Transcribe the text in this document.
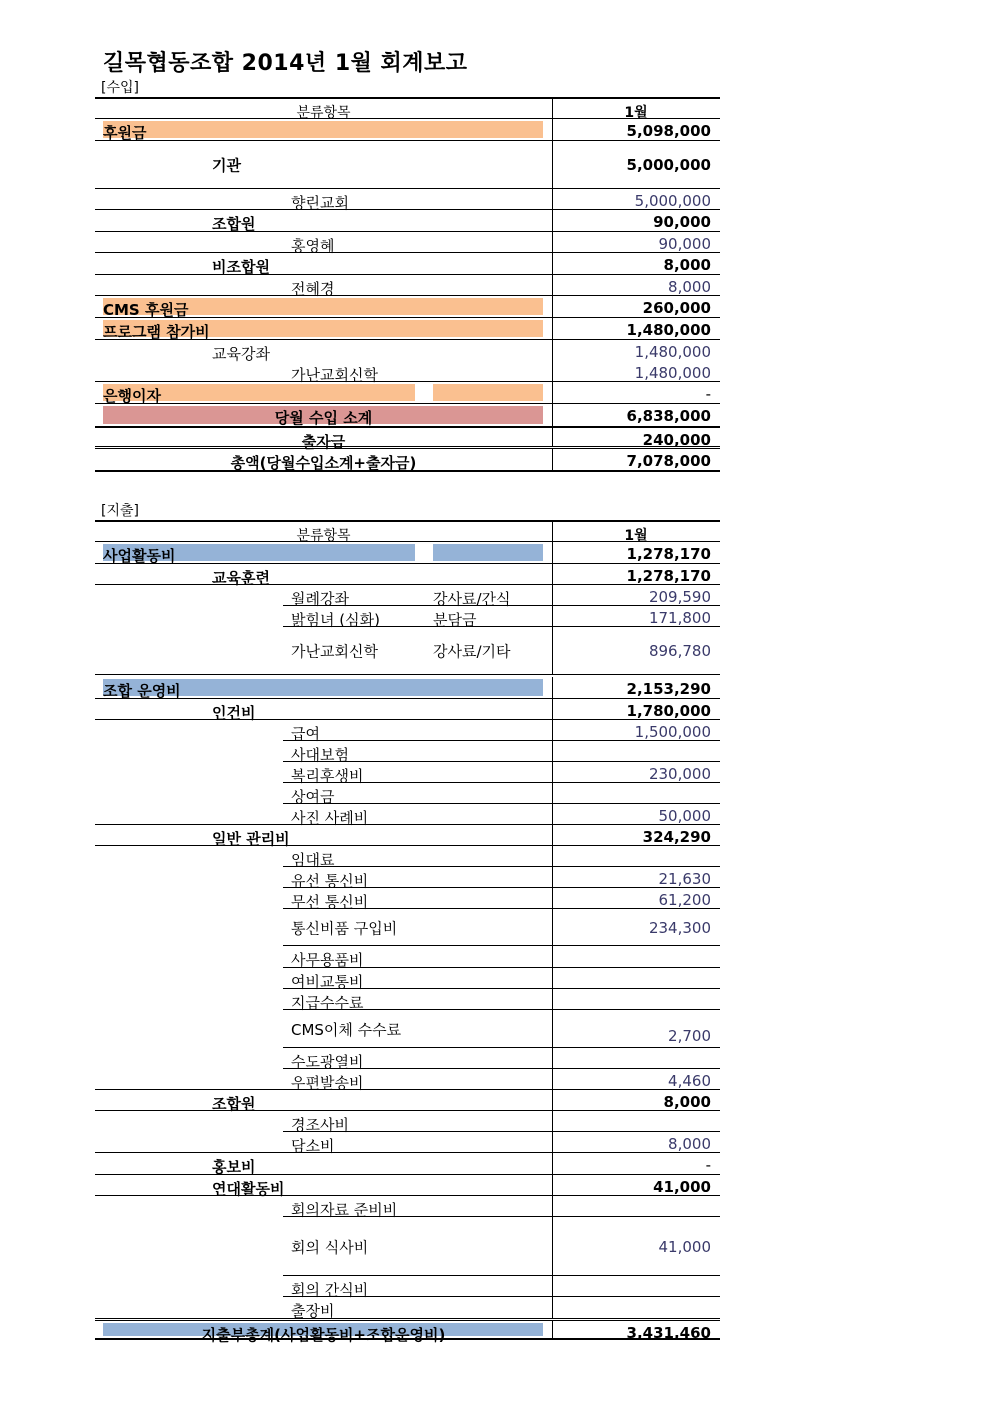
길목협동조합 2014년 1월 회계보고
[수입]
분류항목	1월
후원금	5,098,000
기관	5,000,000
향린교회	5,000,000
조합원	90,000
홍영혜	90,000
비조합원	8,000
전혜경	8,000
CMS 후원금	260,000
프로그램 참가비	1,480,000
교육강좌	1,480,000
가난교회신학	1,480,000
은행이자	-
당월 수입 소계	6,838,000
출자금	240,000
총액(당월수입소계+출자금)	7,078,000
[지출]
분류항목	1월
사업활동비	1,278,170
교육훈련	1,278,170
월례강좌	강사료/간식	209,590
밝힘녀 (심화)	분담금	171,800
가난교회신학	강사료/기타	896,780
조합 운영비	2,153,290
인건비	1,780,000
급여	1,500,000
사대보험
복리후생비	230,000
상여금
사진 사례비	50,000
일반 관리비	324,290
임대료
유선 통신비	21,630
무선 통신비	61,200
통신비품 구입비	234,300
사무용품비
여비교통비
지급수수료
CMS이체 수수료	2,700
수도광열비
우편발송비	4,460
조합원	8,000
경조사비
담소비	8,000
홍보비	-
연대활동비	41,000
회의자료 준비비
회의 식사비	41,000
회의 간식비
출장비
지출부총계(사업활동비+조합운영비)	3,431,460
